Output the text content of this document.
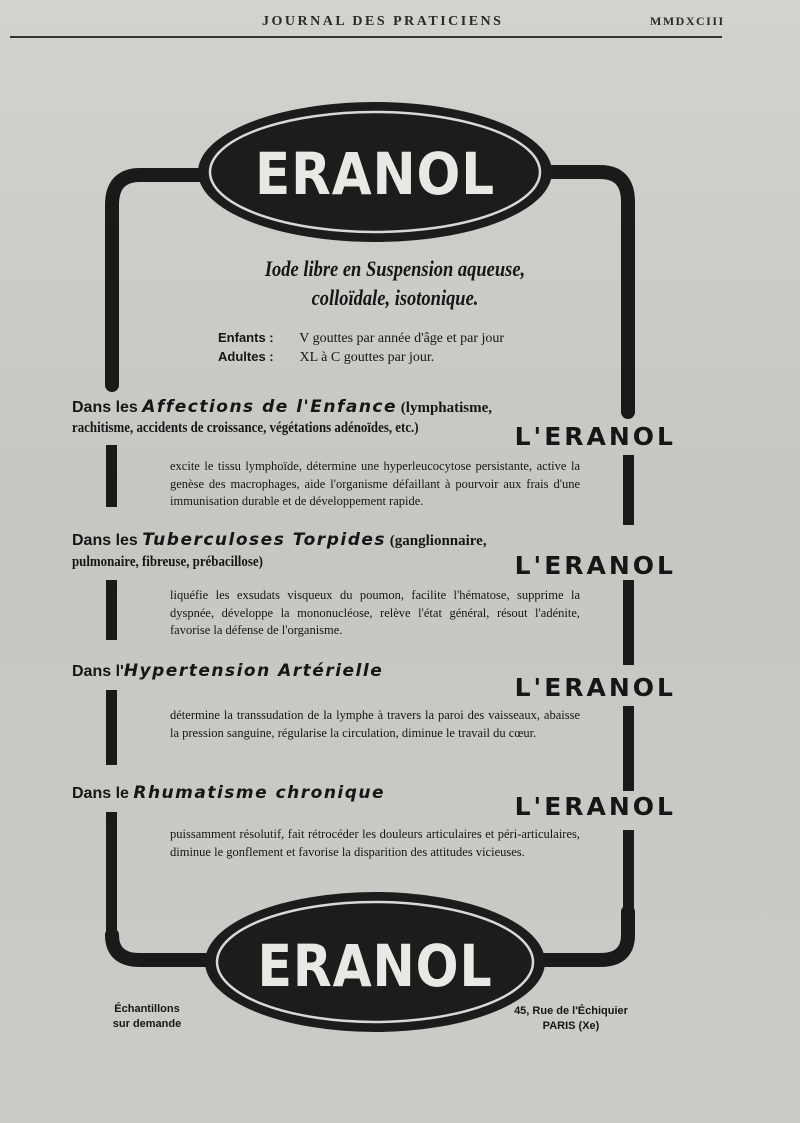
JOURNAL DES PRATICIENS	MMDXCIII
ERANOL
ERANOL
Iode libre en Suspension aqueuse,
colloïdale, isotonique.
Enfants : V gouttes par année d'âge et par jour
Adultes : XL à C gouttes par jour.
Dans les Affections de l'Enfance (lymphatisme,
rachitisme, accidents de croissance, végétations adénoïdes, etc.)	L'ERANOL
excite le tissu lymphoïde, détermine une hyperleucocytose persistante, active la genèse des macrophages, aide l'organisme défaillant à pourvoir aux frais d'une immunisation durable et de développement rapide.
Dans les Tuberculoses Torpides (ganglionnaire,
pulmonaire, fibreuse, prébacillose)	L'ERANOL
liquéfie les exsudats visqueux du poumon, facilite l'hématose, supprime la dyspnée, développe la mononucléose, relève l'état général, résout l'adénite, favorise la défense de l'organisme.
Dans l'Hypertension Artérielle
L'ERANOL
détermine la transsudation de la lymphe à travers la paroi des vaisseaux, abaisse la pression sanguine, régularise la circulation, diminue le travail du cœur.
Dans le Rhumatisme chronique	L'ERANOL
puissamment résolutif, fait rétrocéder les douleurs articulaires et péri-articulaires, diminue le gonflement et favorise la disparition des attitudes vicieuses.
Échantillons
sur demande
45, Rue de l'Échiquier
PARIS (Xe)
